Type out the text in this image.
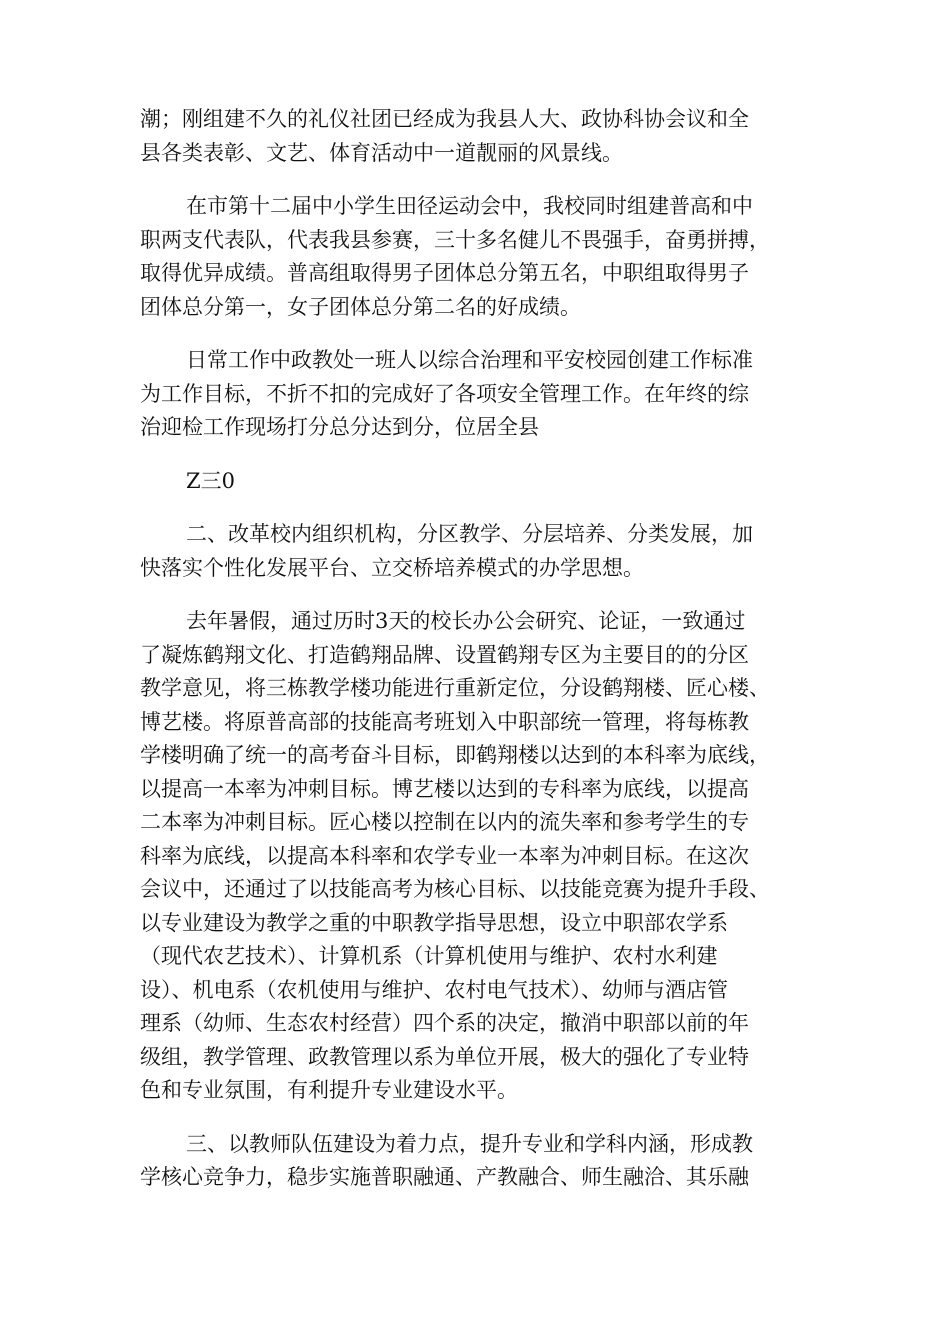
潮；刚组建不久的礼仪社团已经成为我县人大、政协科协会议和全
县各类表彰、文艺、体育活动中一道靓丽的风景线。

在市第十二届中小学生田径运动会中，我校同时组建普高和中
职两支代表队，代表我县参赛，三十多名健儿不畏强手，奋勇拼搏，
取得优异成绩。普高组取得男子团体总分第五名，中职组取得男子
团体总分第一，女子团体总分第二名的好成绩。

日常工作中政教处一班人以综合治理和平安校园创建工作标准
为工作目标，不折不扣的完成好了各项安全管理工作。在年终的综
治迎检工作现场打分总分达到分，位居全县

Z三0

二、改革校内组织机构，分区教学、分层培养、分类发展，加
快落实个性化发展平台、立交桥培养模式的办学思想。

去年暑假，通过历时3天的校长办公会研究、论证，一致通过
了凝炼鹤翔文化、打造鹤翔品牌、设置鹤翔专区为主要目的的分区
教学意见，将三栋教学楼功能进行重新定位，分设鹤翔楼、匠心楼、
博艺楼。将原普高部的技能高考班划入中职部统一管理，将每栋教
学楼明确了统一的高考奋斗目标，即鹤翔楼以达到的本科率为底线，
以提高一本率为冲刺目标。博艺楼以达到的专科率为底线，以提高
二本率为冲刺目标。匠心楼以控制在以内的流失率和参考学生的专
科率为底线，以提高本科率和农学专业一本率为冲刺目标。在这次
会议中，还通过了以技能高考为核心目标、以技能竞赛为提升手段、
以专业建设为教学之重的中职教学指导思想，设立中职部农学系
（现代农艺技术）、计算机系（计算机使用与维护、农村水利建
设）、机电系（农机使用与维护、农村电气技术）、幼师与酒店管
理系（幼师、生态农村经营）四个系的决定，撤消中职部以前的年
级组，教学管理、政教管理以系为单位开展，极大的强化了专业特
色和专业氛围，有利提升专业建设水平。

三、以教师队伍建设为着力点，提升专业和学科内涵，形成教
学核心竞争力，稳步实施普职融通、产教融合、师生融洽、其乐融
